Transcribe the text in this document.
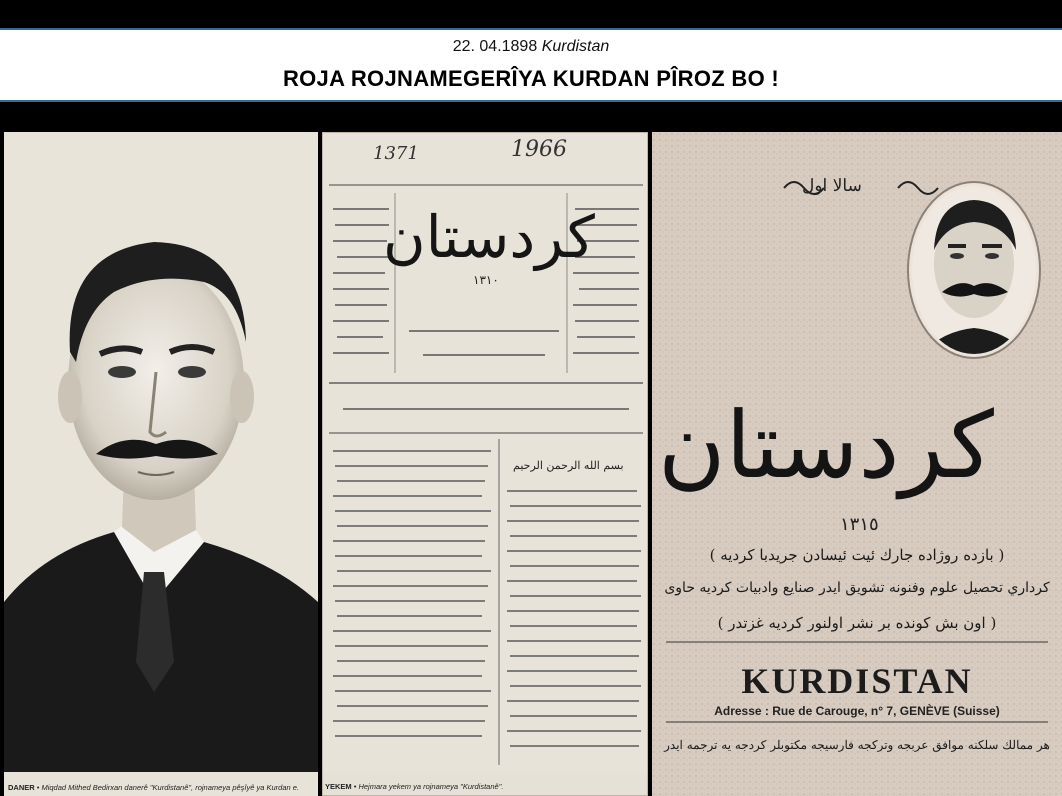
22. 04.1898 Kurdistan
ROJA ROJNAMEGERÎYA KURDAN PÎROZ BO !
DANER • Miqdad Mithed Bedirxan danerê "Kurdistanê", rojnameya pêşîyê ya Kurdan e.
1371	1966
كردستان
١٣١٠
بسم الله الرحمن الرحيم
YEKEM • Hejmara yekem ya rojnameya "Kurdistanê".
سالا اول
كردستان
١٣١٥
( بازده روژاده جارك ئيت ئيسادن جريدبا كرديه )
كرداري تحصيل علوم وفنونه تشويق ايدر صنايع وادبيات كرديه حاوى
( اون بش كونده بر نشر اولنور كرديه غزتدر )
KURDISTAN
Adresse : Rue de Carouge, n° 7, GENÈVE (Suisse)
هر ممالك سلكنه موافق عربجه وتركجه فارسيجه مكتوبلر كردجه يه ترجمه ايدر
